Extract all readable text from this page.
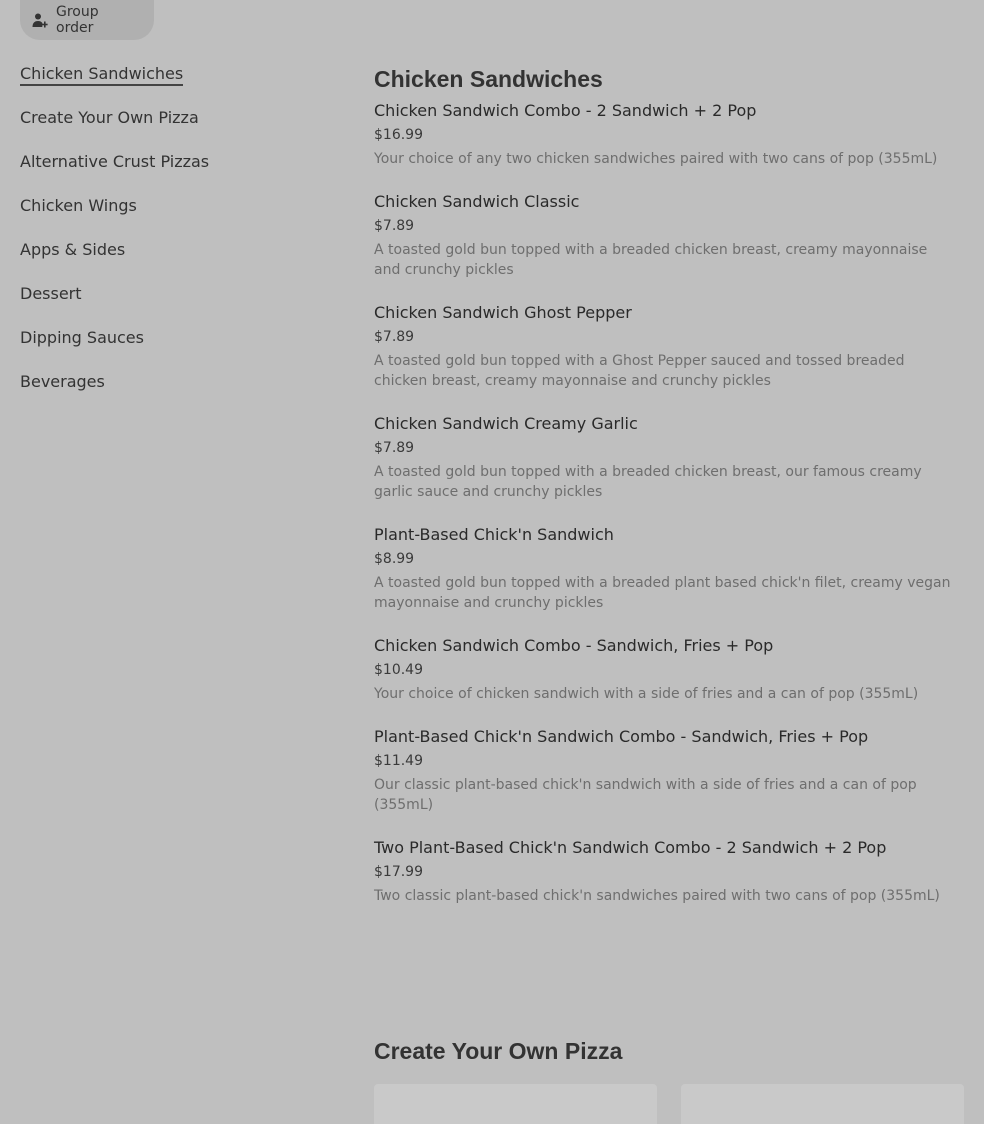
Group order
Chicken Sandwiches
Create Your Own Pizza
Alternative Crust Pizzas
Chicken Wings
Apps & Sides
Dessert
Dipping Sauces
Beverages
Chicken Sandwiches
Chicken Sandwich Combo - 2 Sandwich + 2 Pop
$16.99
Your choice of any two chicken sandwiches paired with two cans of pop (355mL)
Chicken Sandwich Classic
$7.89
A toasted gold bun topped with a breaded chicken breast, creamy mayonnaise and crunchy pickles
Chicken Sandwich Ghost Pepper
$7.89
A toasted gold bun topped with a Ghost Pepper sauced and tossed breaded chicken breast, creamy mayonnaise and crunchy pickles
Chicken Sandwich Creamy Garlic
$7.89
A toasted gold bun topped with a breaded chicken breast, our famous creamy garlic sauce and crunchy pickles
Plant-Based Chick'n Sandwich
$8.99
A toasted gold bun topped with a breaded plant based chick'n filet, creamy vegan mayonnaise and crunchy pickles
Chicken Sandwich Combo - Sandwich, Fries + Pop
$10.49
Your choice of chicken sandwich with a side of fries and a can of pop (355mL)
Plant-Based Chick'n Sandwich Combo - Sandwich, Fries + Pop
$11.49
Our classic plant-based chick'n sandwich with a side of fries and a can of pop (355mL)
Two Plant-Based Chick'n Sandwich Combo - 2 Sandwich + 2 Pop
$17.99
Two classic plant-based chick'n sandwiches paired with two cans of pop (355mL)
Create Your Own Pizza
